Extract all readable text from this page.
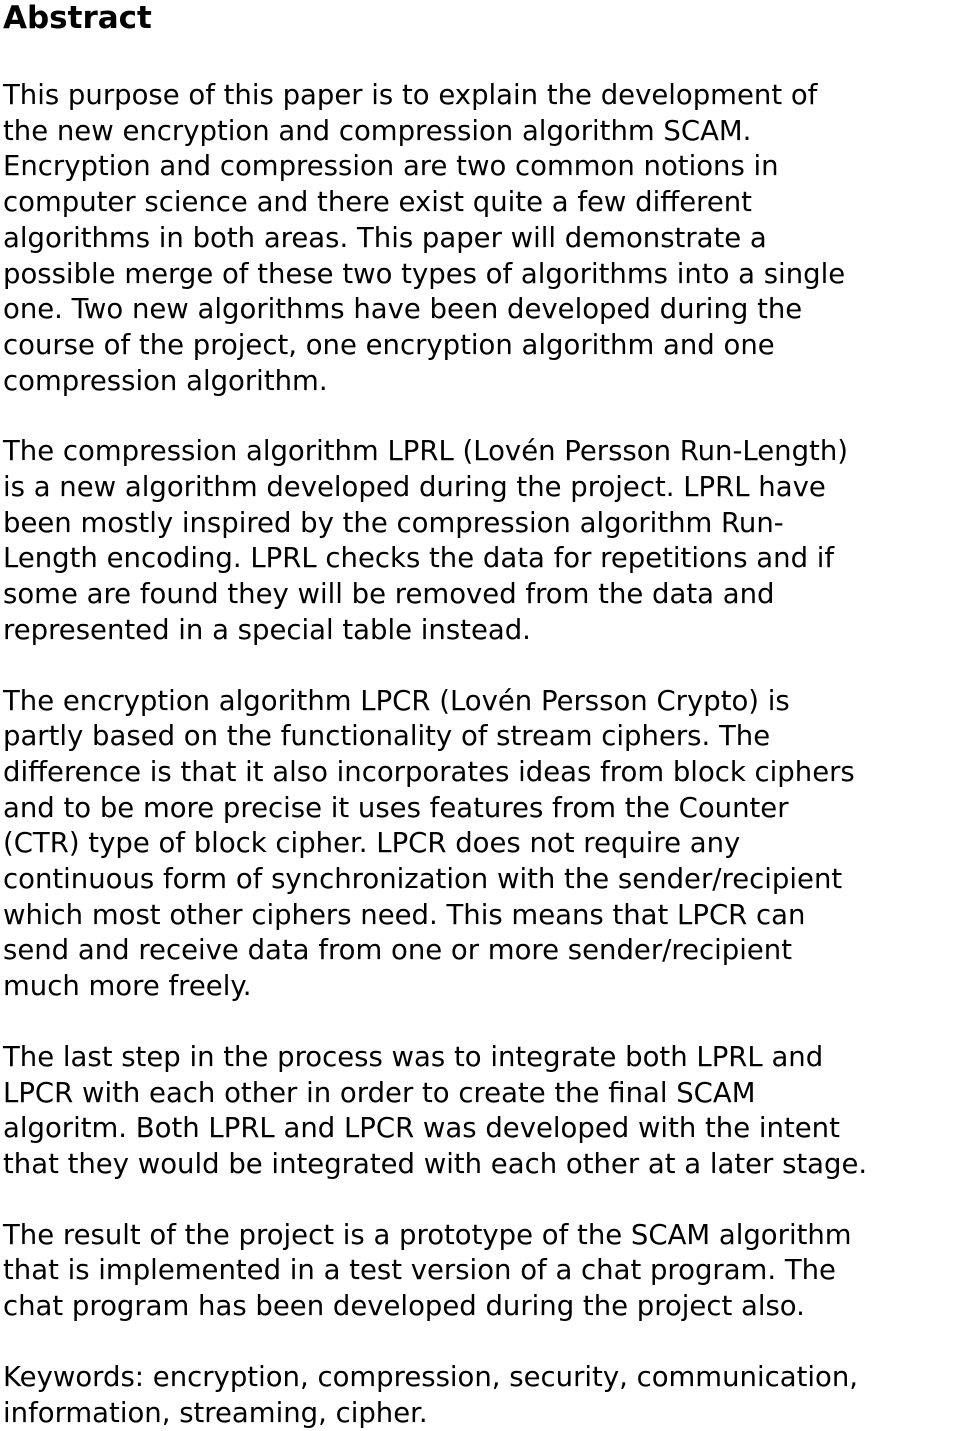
Abstract

This purpose of this paper is to explain the development of
the new encryption and compression algorithm SCAM.
Encryption and compression are two common notions in
computer science and there exist quite a few different
algorithms in both areas. This paper will demonstrate a
possible merge of these two types of algorithms into a single
one. Two new algorithms have been developed during the
course of the project, one encryption algorithm and one
compression algorithm.

The compression algorithm LPRL (Lovén Persson Run-Length)
is a new algorithm developed during the project. LPRL have
been mostly inspired by the compression algorithm Run-
Length encoding. LPRL checks the data for repetitions and if
some are found they will be removed from the data and
represented in a special table instead.

The encryption algorithm LPCR (Lovén Persson Crypto) is
partly based on the functionality of stream ciphers. The
difference is that it also incorporates ideas from block ciphers
and to be more precise it uses features from the Counter
(CTR) type of block cipher. LPCR does not require any
continuous form of synchronization with the sender/recipient
which most other ciphers need. This means that LPCR can
send and receive data from one or more sender/recipient
much more freely.

The last step in the process was to integrate both LPRL and
LPCR with each other in order to create the final SCAM
algoritm. Both LPRL and LPCR was developed with the intent
that they would be integrated with each other at a later stage.

The result of the project is a prototype of the SCAM algorithm
that is implemented in a test version of a chat program. The
chat program has been developed during the project also.

Keywords: encryption, compression, security, communication,
information, streaming, cipher.
